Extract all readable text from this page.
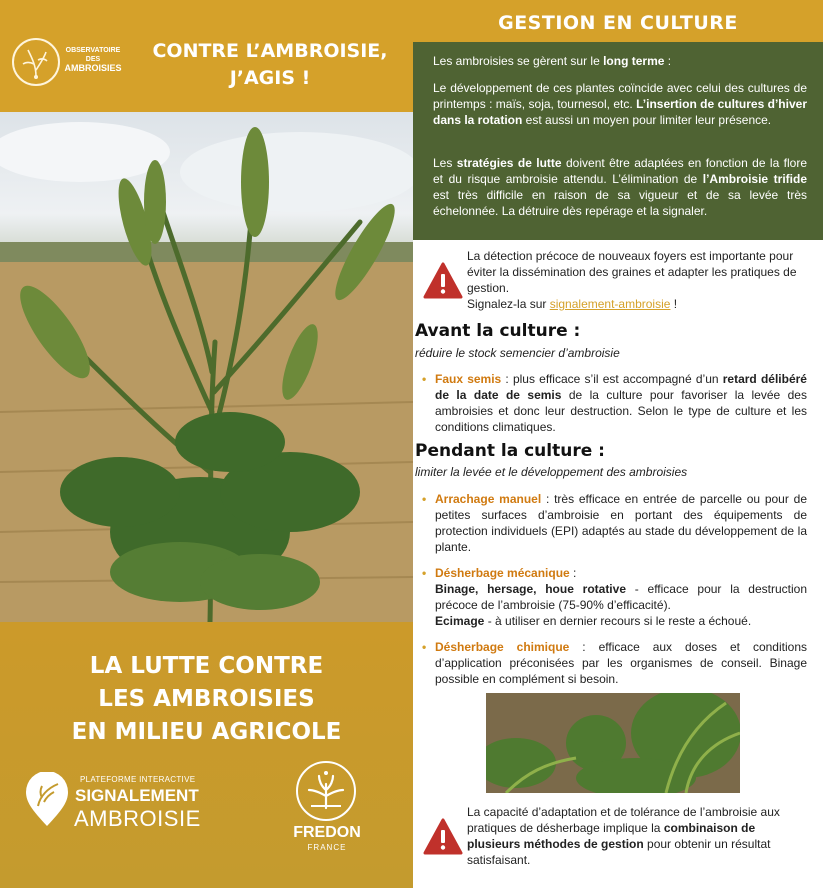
OBSERVATOIRE
DES
AMBROISIES
CONTRE L’AMBROISIE,
J’AGIS !
LA LUTTE CONTRE
LES AMBROISIES
EN MILIEU AGRICOLE
PLATEFORME INTERACTIVE
SIGNALEMENT
AMBROISIE
FREDON
FRANCE
GESTION EN CULTURE

Les ambroisies se gèrent sur le long terme :

Le développement de ces plantes coïncide avec celui des cultures de printemps : maïs, soja, tournesol, etc. L’insertion de cultures d’hiver dans la rotation est aussi un moyen pour limiter leur présence.

Les stratégies de lutte doivent être adaptées en fonction de la flore et du risque ambroisie attendu. L’élimination de l’Ambroisie trifide est très difficile en raison de sa vigueur et de sa levée très échelonnée. La détruire dès repérage et la signaler.

La détection précoce de nouveaux foyers est importante pour éviter la dissémination des graines et adapter les pratiques de gestion.
Signalez-la sur signalement-ambroisie !
Avant la culture :
réduire le stock semencier d’ambroisie
• Faux semis : plus efficace s’il est accompagné d’un retard délibéré de la date de semis de la culture pour favoriser la levée des ambroisies et donc leur destruction. Selon le type de culture et les conditions climatiques.
Pendant la culture :
limiter la levée et le développement des ambroisies
• Arrachage manuel : très efficace en entrée de parcelle ou pour de petites surfaces d’ambroisie en portant des équipements de protection individuels (EPI) adaptés au stade du développement de la plante.
• Désherbage mécanique :
Binage, hersage, houe rotative - efficace pour la destruction précoce de l’ambroisie (75-90% d’efficacité).
Ecimage - à utiliser en dernier recours si le reste a échoué.
• Désherbage chimique : efficace aux doses et conditions d’application préconisées par les organismes de conseil. Binage possible en complément si besoin.
La capacité d’adaptation et de tolérance de l’ambroisie aux pratiques de désherbage implique la combinaison de plusieurs méthodes de gestion pour obtenir un résultat satisfaisant.
